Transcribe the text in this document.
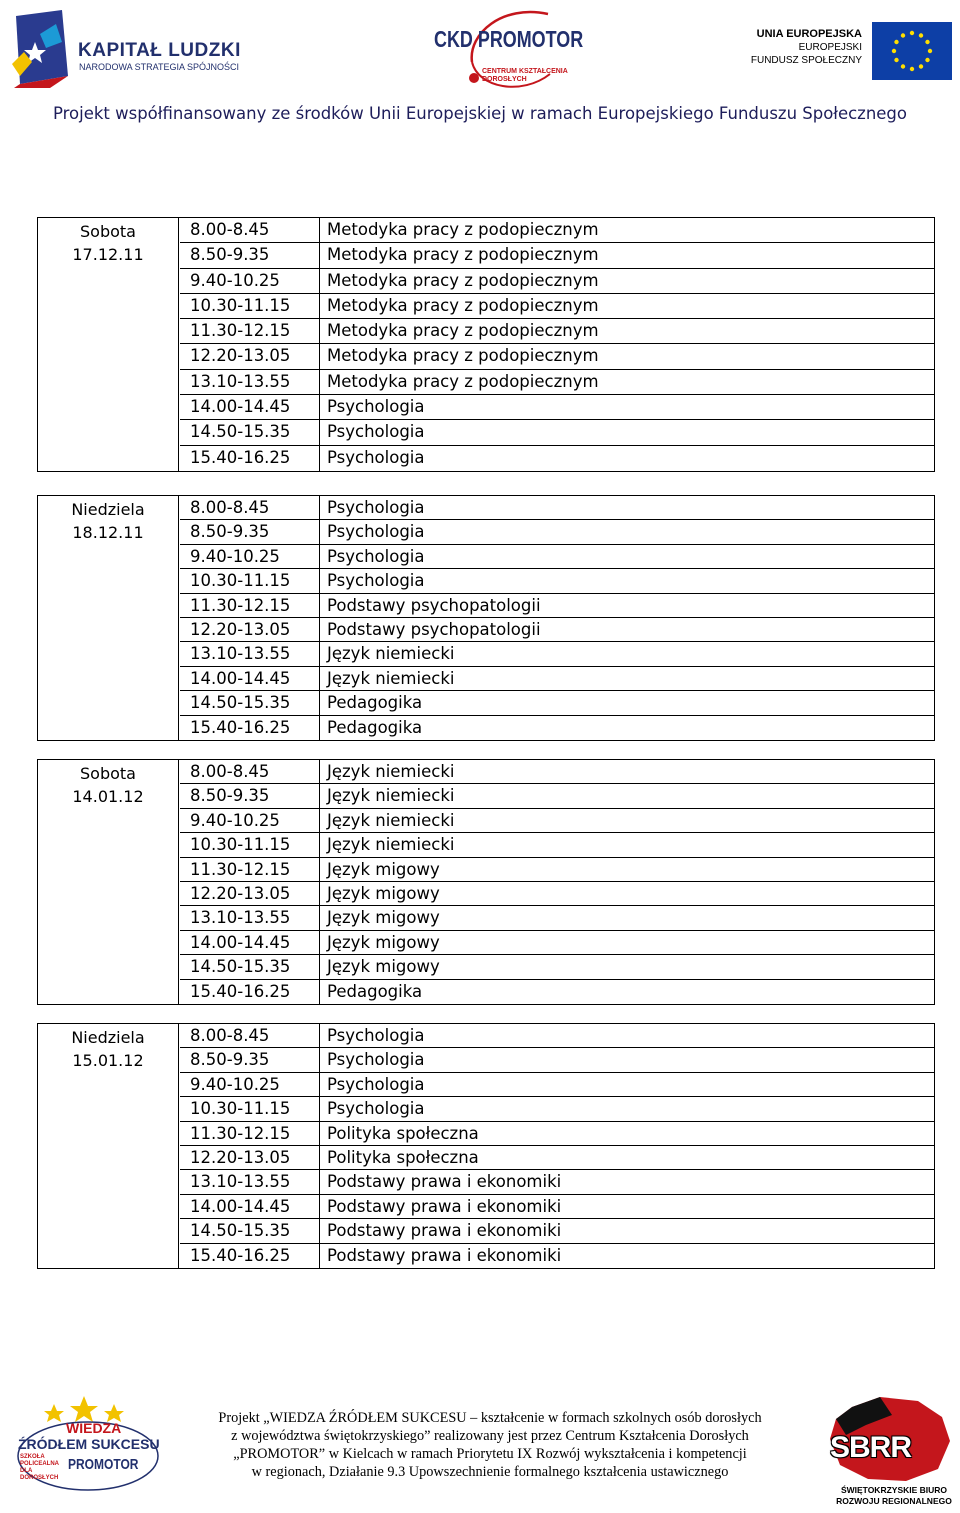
KAPITAŁ LUDZKI
NARODOWA STRATEGIA SPÓJNOŚCI
CKD PROMOTOR
CENTRUM KSZTAŁCENIA
DOROSŁYCH
UNIA EUROPEJSKA
EUROPEJSKI
FUNDUSZ SPOŁECZNY
Projekt współfinansowany ze środków Unii Europejskiej w ramach Europejskiego Funduszu Społecznego
Sobota
17.12.11
8.00-8.45	Metodyka pracy z podopiecznym
8.50-9.35	Metodyka pracy z podopiecznym
9.40-10.25	Metodyka pracy z podopiecznym
10.30-11.15	Metodyka pracy z podopiecznym
11.30-12.15	Metodyka pracy z podopiecznym
12.20-13.05	Metodyka pracy z podopiecznym
13.10-13.55	Metodyka pracy z podopiecznym
14.00-14.45	Psychologia
14.50-15.35	Psychologia
15.40-16.25	Psychologia
Niedziela
18.12.11
8.00-8.45	Psychologia
8.50-9.35	Psychologia
9.40-10.25	Psychologia
10.30-11.15	Psychologia
11.30-12.15	Podstawy psychopatologii
12.20-13.05	Podstawy psychopatologii
13.10-13.55	Język niemiecki
14.00-14.45	Język niemiecki
14.50-15.35	Pedagogika
15.40-16.25	Pedagogika
Sobota
14.01.12
8.00-8.45	Język niemiecki
8.50-9.35	Język niemiecki
9.40-10.25	Język niemiecki
10.30-11.15	Język niemiecki
11.30-12.15	Język migowy
12.20-13.05	Język migowy
13.10-13.55	Język migowy
14.00-14.45	Język migowy
14.50-15.35	Język migowy
15.40-16.25	Pedagogika
Niedziela
15.01.12
8.00-8.45	Psychologia
8.50-9.35	Psychologia
9.40-10.25	Psychologia
10.30-11.15	Psychologia
11.30-12.15	Polityka społeczna
12.20-13.05	Polityka społeczna
13.10-13.55	Podstawy prawa i ekonomiki
14.00-14.45	Podstawy prawa i ekonomiki
14.50-15.35	Podstawy prawa i ekonomiki
15.40-16.25	Podstawy prawa i ekonomiki
WIEDZA
ŹRÓDŁEM SUKCESU
SZKOŁA POLICEALNA DLA DOROSŁYCH
PROMOTOR
Projekt „WIEDZA ŹRÓDŁEM SUKCESU – kształcenie w formach szkolnych osób dorosłych
z województwa świętokrzyskiego” realizowany jest przez Centrum Kształcenia Dorosłych
„PROMOTOR” w Kielcach w ramach Priorytetu IX Rozwój wykształcenia i kompetencji
w regionach, Działanie 9.3 Upowszechnienie formalnego kształcenia ustawicznego
SBRR
ŚWIĘTOKRZYSKIE BIURO
ROZWOJU REGIONALNEGO
